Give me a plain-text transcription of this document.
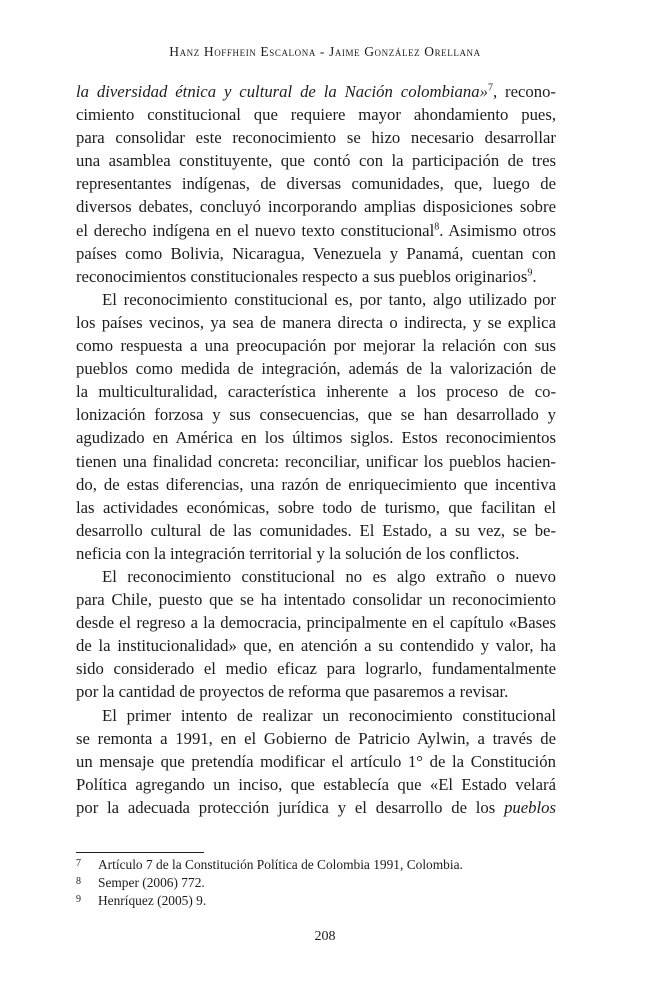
Hanz Hoffhein Escalona - Jaime González Orellana
la diversidad étnica y cultural de la Nación colombiana»$^7$, recono-
cimiento constitucional que requiere mayor ahondamiento pues,
para consolidar este reconocimiento se hizo necesario desarrollar
una asamblea constituyente, que contó con la participación de tres
representantes indígenas, de diversas comunidades, que, luego de
diversos debates, concluyó incorporando amplias disposiciones sobre
el derecho indígena en el nuevo texto constitucional$^8$. Asimismo otros
países como Bolivia, Nicaragua, Venezuela y Panamá, cuentan con
reconocimientos constitucionales respecto a sus pueblos originarios$^9$.
El reconocimiento constitucional es, por tanto, algo utilizado por
los países vecinos, ya sea de manera directa o indirecta, y se explica
como respuesta a una preocupación por mejorar la relación con sus
pueblos como medida de integración, además de la valorización de
la multiculturalidad, característica inherente a los proceso de co-
lonización forzosa y sus consecuencias, que se han desarrollado y
agudizado en América en los últimos siglos. Estos reconocimientos
tienen una finalidad concreta: reconciliar, unificar los pueblos hacien-
do, de estas diferencias, una razón de enriquecimiento que incentiva
las actividades económicas, sobre todo de turismo, que facilitan el
desarrollo cultural de las comunidades. El Estado, a su vez, se be-
neficia con la integración territorial y la solución de los conflictos.
El reconocimiento constitucional no es algo extraño o nuevo
para Chile, puesto que se ha intentado consolidar un reconocimiento
desde el regreso a la democracia, principalmente en el capítulo «Bases
de la institucionalidad» que, en atención a su contendido y valor, ha
sido considerado el medio eficaz para lograrlo, fundamentalmente
por la cantidad de proyectos de reforma que pasaremos a revisar.
El primer intento de realizar un reconocimiento constitucional
se remonta a 1991, en el Gobierno de Patricio Aylwin, a través de
un mensaje que pretendía modificar el artículo 1° de la Constitución
Política agregando un inciso, que establecía que «El Estado velará
por la adecuada protección jurídica y el desarrollo de los pueblos
7 Artículo 7 de la Constitución Política de Colombia 1991, Colombia.
8 Semper (2006) 772.
9 Henríquez (2005) 9.
208
